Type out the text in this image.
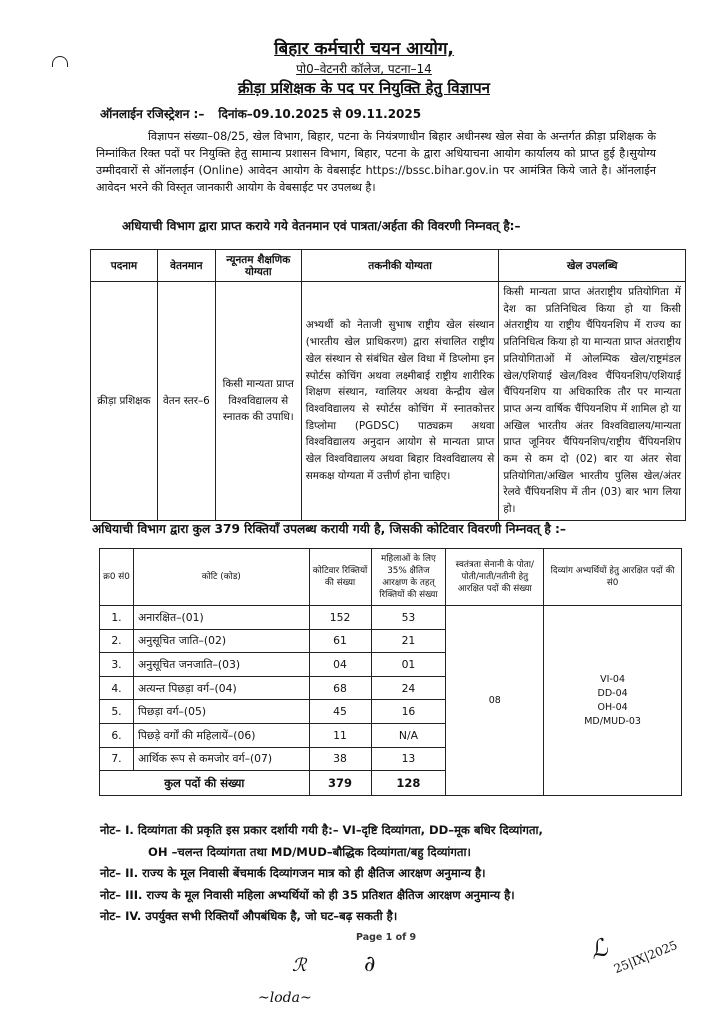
बिहार कर्मचारी चयन आयोग,
पो0–वेटनरी कॉलेज, पटना–14
क्रीड़ा प्रशिक्षक के पद पर नियुक्ति हेतु विज्ञापन
ऑनलाईन रजिस्ट्रेशन :– दिनांक–09.10.2025 से 09.11.2025
विज्ञापन संख्या–08/25, खेल विभाग, बिहार, पटना के नियंत्रणाधीन बिहार अधीनस्थ खेल सेवा के अन्तर्गत क्रीड़ा प्रशिक्षक के निम्नांकित रिक्त पदों पर नियुक्ति हेतु सामान्य प्रशासन विभाग, बिहार, पटना के द्वारा अधियाचना आयोग कार्यालय को प्राप्त हुई है।सुयोग्य उम्मीदवारों से ऑनलाईन (Online) आवेदन आयोग के वेबसाईट https://bssc.bihar.gov.in पर आमंत्रित किये जाते है। ऑनलाईन आवेदन भरने की विस्तृत जानकारी आयोग के वेबसाईट पर उपलब्ध है।
अधियाची विभाग द्वारा प्राप्त कराये गये वेतनमान एवं पात्रता/अर्हता की विवरणी निम्नवत् है:–
पदनाम	वेतनमान	न्यूनतम शैक्षणिक योग्यता	तकनीकी योग्यता	खेल उपलब्धि
क्रीड़ा प्रशिक्षक	वेतन स्तर–6	किसी मान्यता प्राप्त विश्वविद्यालय से स्नातक की उपाधि।	अभ्यर्थी को नेताजी सुभाष राष्ट्रीय खेल संस्थान (भारतीय खेल प्राधिकरण) द्वारा संचालित राष्ट्रीय खेल संस्थान से संबंधित खेल विधा में डिप्लोमा इन स्पोर्टस कोचिंग अथवा लक्ष्मीबाई राष्ट्रीय शारीरिक शिक्षण संस्थान, ग्वालियर अथवा केन्द्रीय खेल विश्वविद्यालय से स्पोर्टस कोचिंग में स्नातकोत्तर डिप्लोमा (PGDSC) पाठ्यक्रम अथवा विश्वविद्यालय अनुदान आयोग से मान्यता प्राप्त खेल विश्वविद्यालय अथवा बिहार विश्वविद्यालय से समकक्ष योग्यता में उत्तीर्ण होना चाहिए।	किसी मान्यता प्राप्त अंतराष्ट्रीय प्रतियोगिता में देश का प्रतिनिधित्व किया हो या किसी अंतराष्ट्रीय या राष्ट्रीय चैंपियनशिप में राज्य का प्रतिनिधित्व किया हो या मान्यता प्राप्त अंतराष्ट्रीय प्रतियोगिताओं में ओलम्पिक खेल/राष्ट्रमंडल खेल/एशियाई खेल/विश्व चैंपियनशिप/एशियाई चैंपियनशिप या अधिकारिक तौर पर मान्यता प्राप्त अन्य वार्षिक चैंपियनशिप में शामिल हो या अखिल भारतीय अंतर विश्वविद्यालय/मान्यता प्राप्त जूनियर चैंपियनशिप/राष्ट्रीय चैंपियनशिप कम से कम दो (02) बार या अंतर सेवा प्रतियोगिता/अखिल भारतीय पुलिस खेल/अंतर रेलवे चैंपियनशिप में तीन (03) बार भाग लिया हो।
अधियाची विभाग द्वारा कुल 379 रिक्तियाँ उपलब्ध करायी गयी है, जिसकी कोटिवार विवरणी निम्नवत् है :–
क्र0 सं0	कोटि (कोड)	कोटिवार रिक्तियों की संख्या	महिलाओं के लिए 35% क्षैतिज आरक्षण के तहत् रिक्तियों की संख्या	स्वतंत्रता सेनानी के पोता/पोती/नाती/नतीनी हेतु आरक्षित पदों की संख्या	दिव्यांग अभ्यर्थियों हेतु आरक्षित पदों की सं0
1.	अनारक्षित–(01)	152	53	08	VI-04
DD-04
OH-04
MD/MUD-03

2.	अनुसूचित जाति–(02)	61	21		
3.	अनुसूचित जनजाति–(03)	04	01		
4.	अत्यन्त पिछड़ा वर्ग–(04)	68	24		
5.	पिछड़ा वर्ग–(05)	45	16		
6.	पिछड़े वर्गों की महिलायें–(06)	11	N/A		
7.	आर्थिक रूप से कमजोर वर्ग–(07)	38	13		
कुल पदों की संख्या		379	128		
नोट– I. दिव्यांगता की प्रकृति इस प्रकार दर्शायी गयी है:– VI–दृष्टि दिव्यांगता, DD–मूक बधिर दिव्यांगता,
OH –चलन्त दिव्यांगता तथा MD/MUD–बौद्धिक दिव्यांगता/बहु दिव्यांगता।
नोट– II. राज्य के मूल निवासी बेंचमार्क दिव्यांगजन मात्र को ही क्षैतिज आरक्षण अनुमान्य है।
नोट– III. राज्य के मूल निवासी महिला अभ्यर्थियों को ही 35 प्रतिशत क्षैतिज आरक्षण अनुमान्य है।
नोट– IV. उपर्युक्त सभी रिक्तियाँ औपबंधिक है, जो घट–बढ़ सकती है।
Page 1 of 9
ℛ	∂
~loda~
ℒ 25|IX|2025
